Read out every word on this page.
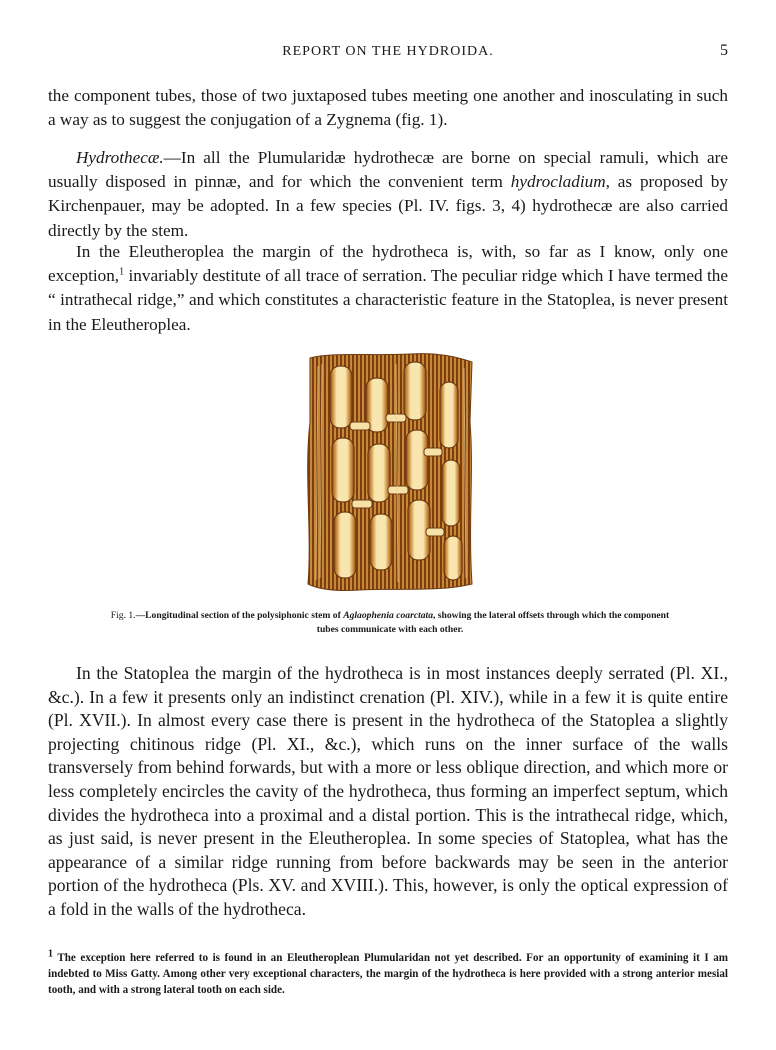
REPORT ON THE HYDROIDA.	5

the component tubes, those of two juxtaposed tubes meeting one another and inosculating in such a way as to suggest the conjugation of a Zygnema (fig. 1).

Hydrothecæ.—In all the Plumularidæ hydrothecæ are borne on special ramuli, which are usually disposed in pinnæ, and for which the convenient term hydrocladium, as proposed by Kirchenpauer, may be adopted. In a few species (Pl. IV. figs. 3, 4) hydrothecæ are also carried directly by the stem.

In the Eleutheroplea the margin of the hydrotheca is, with, so far as I know, only one exception,$^1$ invariably destitute of all trace of serration. The peculiar ridge which I have termed the “ intrathecal ridge,” and which constitutes a characteristic feature in the Statoplea, is never present in the Eleutheroplea.

Fig. 1.—Longitudinal section of the polysiphonic stem of Aglaophenia coarctata, showing the lateral offsets through which the component tubes communicate with each other.

In the Statoplea the margin of the hydrotheca is in most instances deeply serrated (Pl. XI., &c.). In a few it presents only an indistinct crenation (Pl. XIV.), while in a few it is quite entire (Pl. XVII.). In almost every case there is present in the hydrotheca of the Statoplea a slightly projecting chitinous ridge (Pl. XI., &c.), which runs on the inner surface of the walls transversely from behind forwards, but with a more or less oblique direction, and which more or less completely encircles the cavity of the hydrotheca, thus forming an imperfect septum, which divides the hydrotheca into a proximal and a distal portion. This is the intrathecal ridge, which, as just said, is never present in the Eleutheroplea. In some species of Statoplea, what has the appearance of a similar ridge running from before backwards may be seen in the anterior portion of the hydrotheca (Pls. XV. and XVIII.). This, however, is only the optical expression of a fold in the walls of the hydrotheca.

$^1$ The exception here referred to is found in an Eleutheroplean Plumularidan not yet described. For an opportunity of examining it I am indebted to Miss Gatty. Among other very exceptional characters, the margin of the hydrotheca is here provided with a strong anterior mesial tooth, and with a strong lateral tooth on each side.
